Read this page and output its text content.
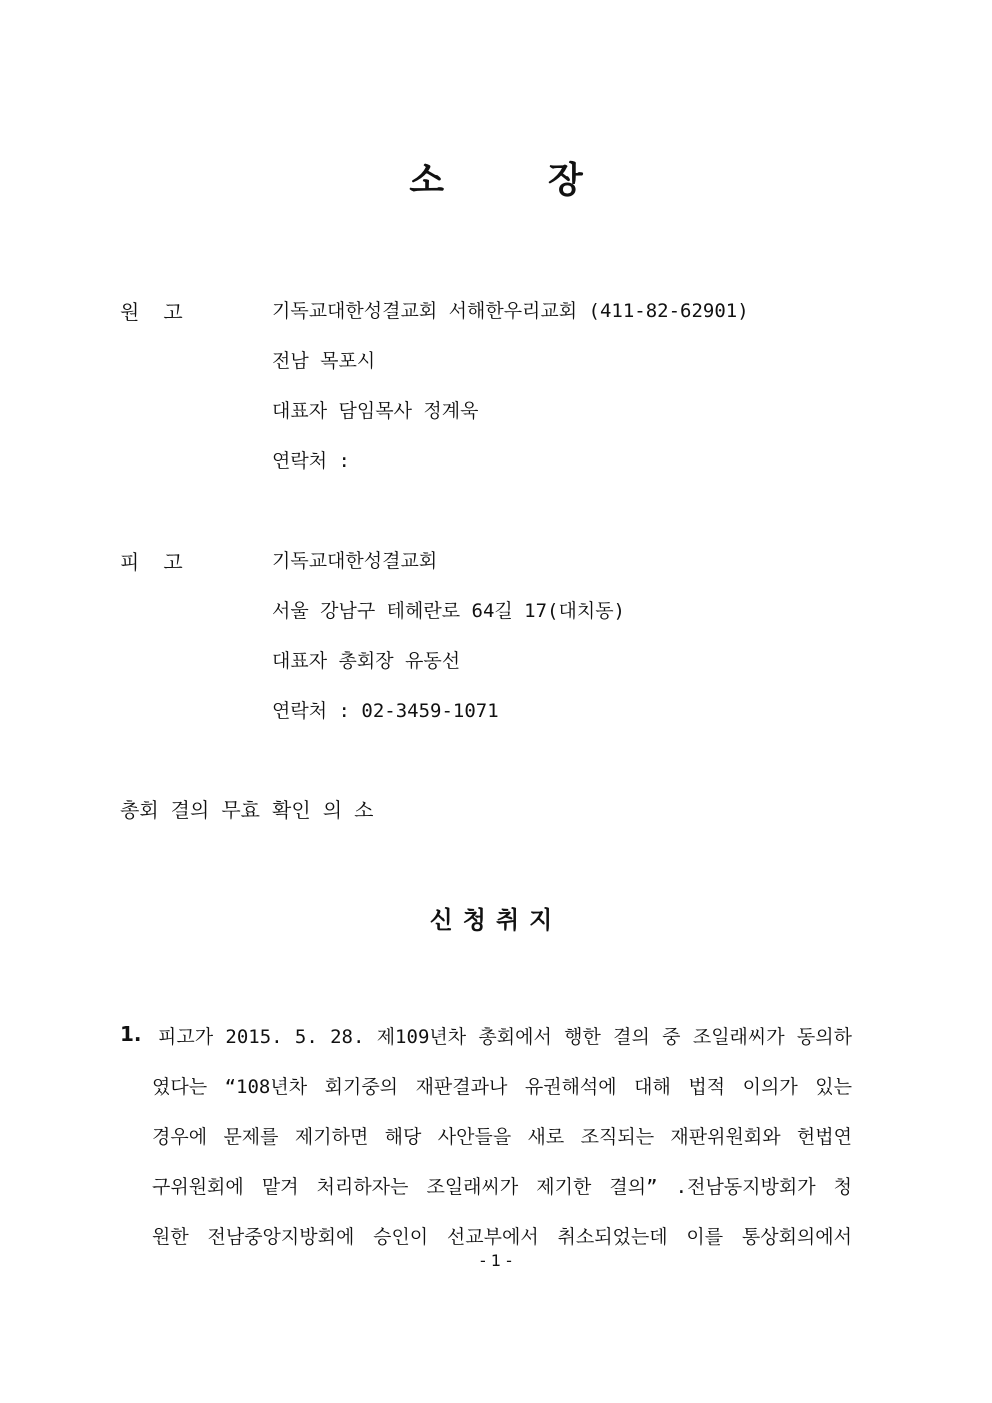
소	장
원 고	기독교대한성결교회 서해한우리교회 (411-82-62901)
전남 목포시
대표자 담임목사 정계욱
연락처 :
피 고	기독교대한성결교회
서울 강남구 테헤란로 64길 17(대치동)
대표자 총회장 유동선
연락처 : 02-3459-1071
총회 결의 무효 확인 의 소
신청취지
1. 피고가 2015. 5. 28. 제109년차 총회에서 행한 결의 중 조일래씨가 동의하
였다는 “108년차 회기중의 재판결과나 유권해석에 대해 법적 이의가 있는
경우에 문제를 제기하면 해당 사안들을 새로 조직되는 재판위원회와 헌법연
구위원회에 맡겨 처리하자는 조일래씨가 제기한 결의” .전남동지방회가 청
원한 전남중앙지방회에 승인이 선교부에서 취소되었는데 이를 통상회의에서
- 1 -
